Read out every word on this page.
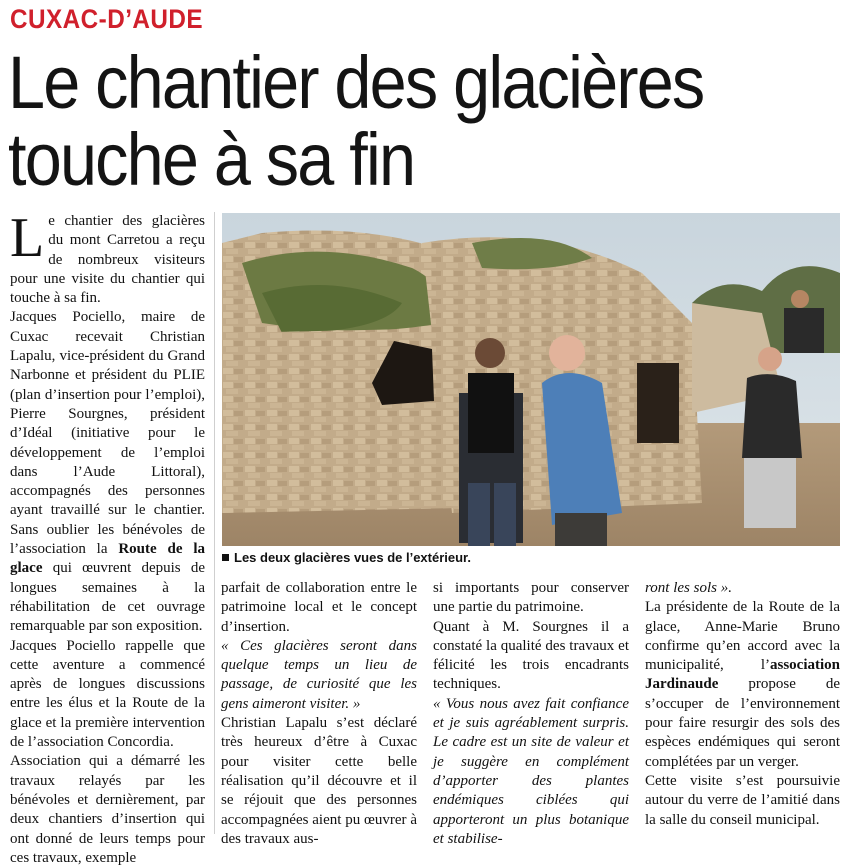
CUXAC-D’AUDE
Le chantier des glacières
touche à sa fin

Le chantier des glacières du mont Carretou a reçu de nombreux visiteurs pour une visite du chantier qui touche à sa fin.

Jacques Pociello, maire de Cuxac recevait Christian Lapalu, vice-président du Grand Narbonne et président du PLIE (plan d’insertion pour l’emploi), Pierre Sourgnes, président d’Idéal (initiative pour le développement de l’emploi dans l’Aude Littoral), accompagnés des personnes ayant travaillé sur le chantier. Sans oublier les bénévoles de l’association la Route de la glace qui œuvrent depuis de longues semaines à la réhabilitation de cet ouvrage remarquable par son exposition.

Jacques Pociello rappelle que cette aventure a commencé après de longues discussions entre les élus et la Route de la glace et la première intervention de l’association Concordia.

Association qui a démarré les travaux relayés par les bénévoles et dernièrement, par deux chantiers d’insertion qui ont donné de leurs temps pour ces travaux, exemple

Les deux glacières vues de l’extérieur.

parfait de collaboration entre le patrimoine local et le concept d’insertion.

« Ces glacières seront dans quelque temps un lieu de passage, de curiosité que les gens aimeront visiter. »

Christian Lapalu s’est déclaré très heureux d’être à Cuxac pour visiter cette belle réalisation qu’il découvre et il se réjouit que des personnes accompagnées aient pu œuvrer à des travaux aus-

si importants pour conserver une partie du patrimoine.

Quant à M. Sourgnes il a constaté la qualité des travaux et félicité les trois encadrants techniques.

« Vous nous avez fait confiance et je suis agréablement surpris. Le cadre est un site de valeur et je suggère en complément d’apporter des plantes endémiques ciblées qui apporteront un plus botanique et stabilise-

ront les sols ».

La présidente de la Route de la glace, Anne-Marie Bruno confirme qu’en accord avec la municipalité, l’association Jardinaude propose de s’occuper de l’environnement pour faire resurgir des sols des espèces endémiques qui seront complétées par un verger.

Cette visite s’est poursuivie autour du verre de l’amitié dans la salle du conseil municipal.
